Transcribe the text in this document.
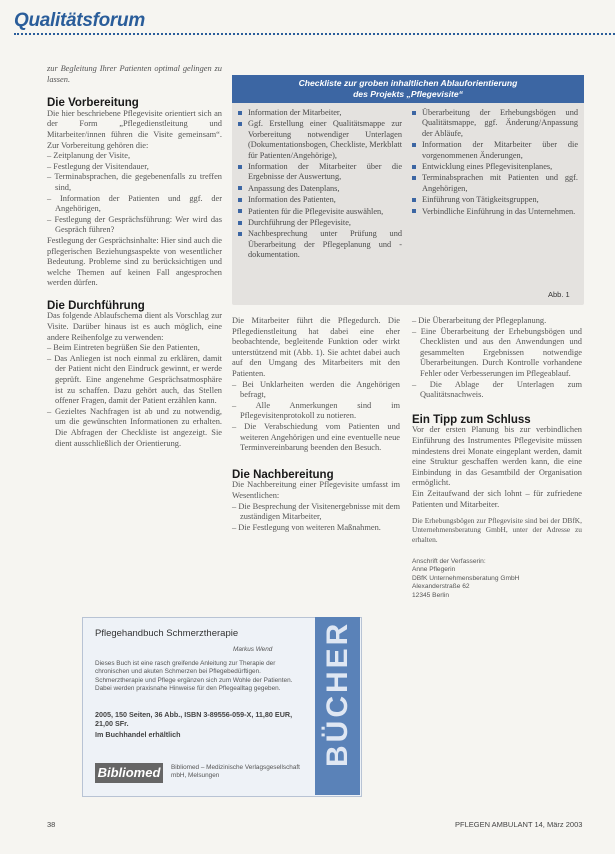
Qualitätsforum

zur Begleitung Ihrer Patienten optimal gelingen zu lassen.

Die Vorbereitung

Die hier beschriebene Pflegevisite orientiert sich an der Form „Pflegedienstleitung und Mitarbeiter/innen führen die Visite gemeinsam“. Zur Vorbereitung gehören die:

– Zeitplanung der Visite,
– Festlegung der Visitendauer,
– Terminabsprachen, die gegebenenfalls zu treffen sind,
– Information der Patienten und ggf. der Angehörigen,
– Festlegung der Gesprächsführung: Wer wird das Gespräch führen?

Festlegung der Gesprächsinhalte: Hier sind auch die pflegerischen Beziehungsaspekte von wesentlicher Bedeutung. Probleme sind zu berücksichtigen und welche Themen auf keinen Fall angesprochen werden dürfen.

Die Durchführung

Das folgende Ablaufschema dient als Vorschlag zur Visite. Darüber hinaus ist es auch möglich, eine andere Reihenfolge zu verwenden:

– Beim Eintreten begrüßen Sie den Patienten,
– Das Anliegen ist noch einmal zu erklären, damit der Patient nicht den Eindruck gewinnt, er werde geprüft. Eine angenehme Gesprächsatmosphäre ist zu schaffen. Dazu gehört auch, das Stellen offener Fragen, damit der Patient erzählen kann.
– Gezieltes Nachfragen ist ab und zu notwendig, um die gewünschten Informationen zu erhalten. Die Abfragen der Checkliste ist angezeigt. Sie dient ausschließlich der Orientierung.
Checkliste zur groben inhaltlichen Ablauforientierung
des Projekts „Pflegevisite“
Information der Mitarbeiter,
Ggf. Erstellung einer Qualitätsmappe zur Vorbereitung notwendiger Unterlagen (Dokumentationsbogen, Checkliste, Merkblatt für Patienten/Angehörige),
Information der Mitarbeiter über die Ergebnisse der Auswertung,
Anpassung des Datenplans,
Information des Patienten,
Patienten für die Pflegevisite auswählen,
Durchführung der Pflegevisite,
Nachbesprechung unter Prüfung und Überarbeitung der Pflegeplanung und -dokumentation.
Überarbeitung der Erhebungsbögen und Qualitätsmappe, ggf. Änderung/Anpassung der Abläufe,
Information der Mitarbeiter über die vorgenommenen Änderungen,
Entwicklung eines Pflegevisitenplanes,
Terminabsprachen mit Patienten und ggf. Angehörigen,
Einführung von Tätigkeitsgruppen,
Verbindliche Einführung in das Unternehmen.
Abb. 1

Die Mitarbeiter führt die Pflegedurch. Die Pflegedienstleitung hat dabei eine eher beobachtende, begleitende Funktion oder wirkt unterstützend mit (Abb. 1). Sie achtet dabei auch auf den Umgang des Mitarbeiters mit den Patienten.

– Bei Unklarheiten werden die Angehörigen befragt,
– Alle Anmerkungen sind im Pflegevisitenprotokoll zu notieren.
– Die Verabschiedung vom Patienten und weiteren Angehörigen und eine eventuelle neue Terminvereinbarung beenden den Besuch.
Die Nachbereitung

Die Nachbereitung einer Pflegevisite umfasst im Wesentlichen:

– Die Besprechung der Visitenergebnisse mit dem zuständigen Mitarbeiter,
– Die Festlegung von weiteren Maßnahmen.
– Die Überarbeitung der Pflegeplanung.
– Eine Überarbeitung der Erhebungsbögen und Checklisten und aus den Anwendungen und gesammelten Ergebnissen notwendige Überarbeitungen. Durch Kontrolle vorhandene Fehler oder Verbesserungen im Pflegeablauf.
– Die Ablage der Unterlagen zum Qualitätsnachweis.
Ein Tipp zum Schluss

Vor der ersten Planung bis zur verbindlichen Einführung des Instrumentes Pflegevisite müssen mindestens drei Monate eingeplant werden, damit eine Struktur geschaffen werden kann, die eine Einbindung in das Gesamtbild der Organisation ermöglicht.

Ein Zeitaufwand der sich lohnt – für zufriedene Patienten und Mitarbeiter.

Die Erhebungsbögen zur Pflegevisite sind bei der DBfK, Unternehmensberatung GmbH, unter der Adresse zu erhalten.

Anschrift der Verfasserin:
Anne Pflegerin
DBfK Unternehmensberatung GmbH
Alexanderstraße 62
12345 Berlin
Pflegehandbuch Schmerztherapie
Markus Wend
Dieses Buch ist eine rasch greifende Anleitung zur Therapie der chronischen und akuten Schmerzen bei Pflegebedürftigen. Schmerztherapie und Pflege ergänzen sich zum Wohle der Patienten. Dabei werden praxisnahe Hinweise für den Pflegealltag gegeben.
2005, 150 Seiten, 36 Abb., ISBN 3-89556-059-X, 11,80 EUR, 21,00 SFr.
Im Buchhandel erhältlich
Bibliomed – Medizinische Verlagsgesellschaft mbH, Melsungen
BÜCHER
Bibliomed
38	PFLEGEN AMBULANT 14, März 2003
